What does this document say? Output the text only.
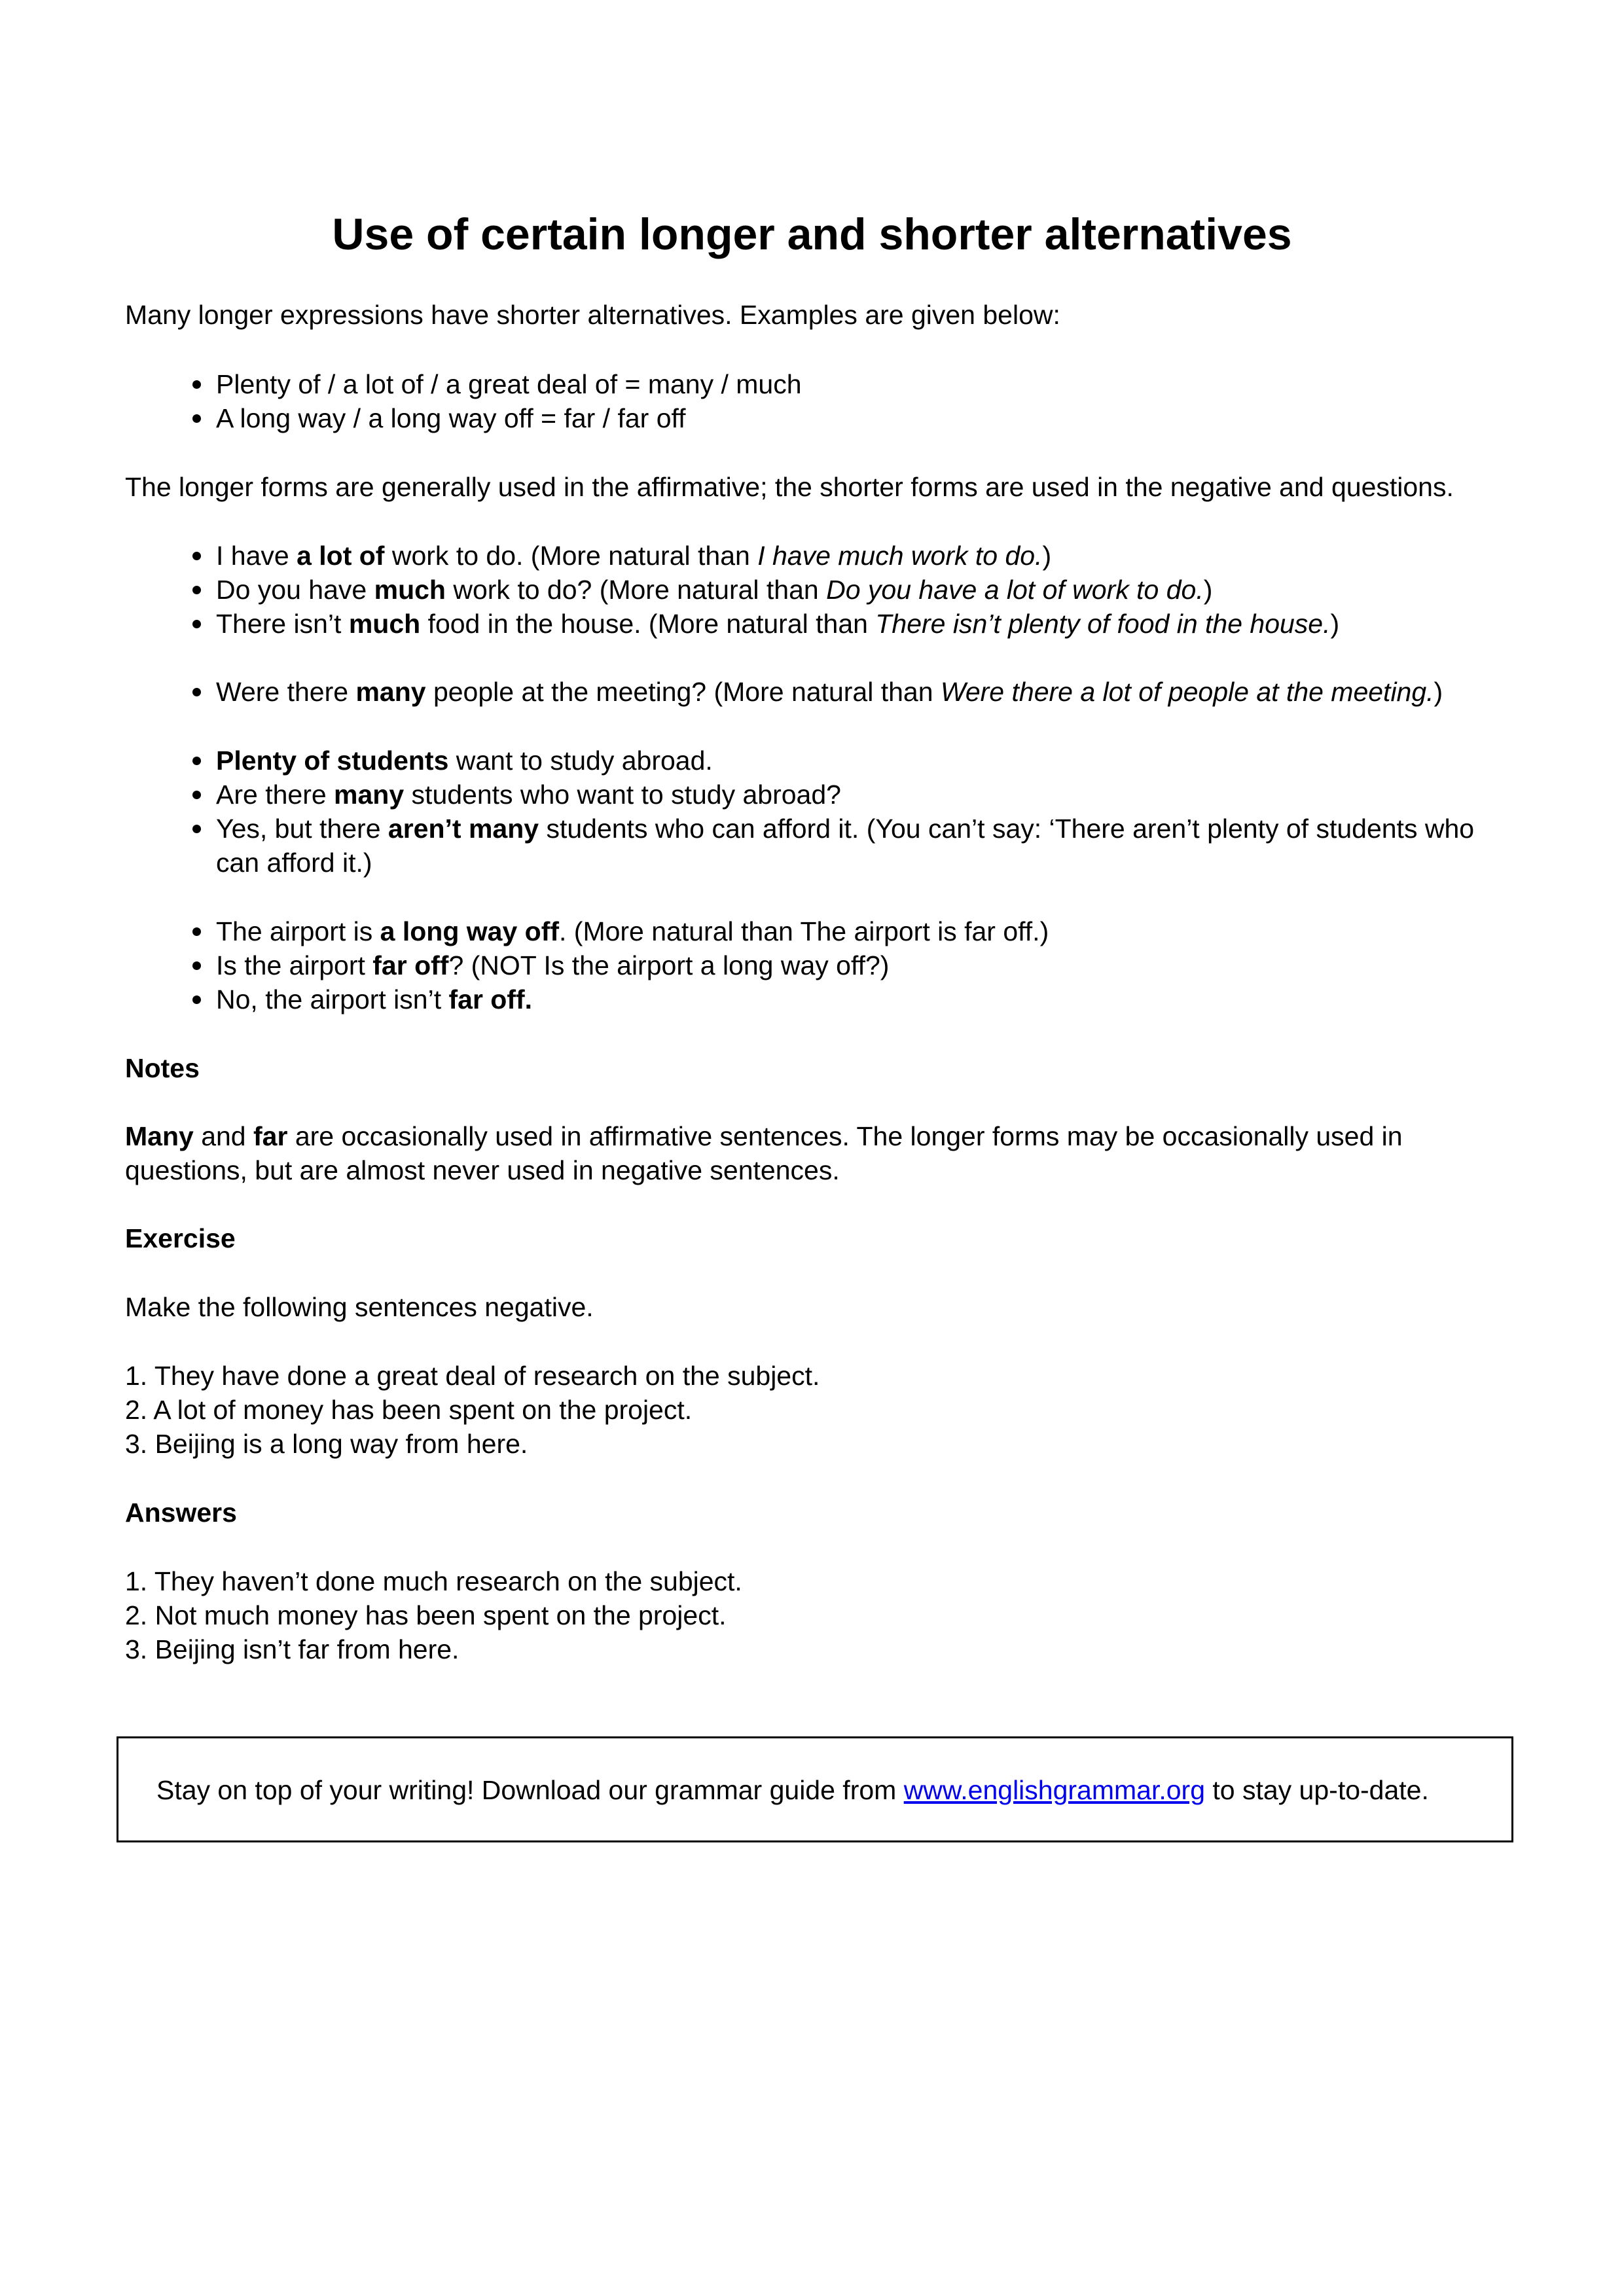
Use of certain longer and shorter alternatives

Many longer expressions have shorter alternatives. Examples are given below:

Plenty of / a lot of / a great deal of = many / much

A long way / a long way off = far / far off

The longer forms are generally used in the affirmative; the shorter forms are used in the negative and questions.

I have a lot of work to do. (More natural than I have much work to do.)

Do you have much work to do? (More natural than Do you have a lot of work to do.)

There isn’t much food in the house. (More natural than There isn’t plenty of food in the house.)

Were there many people at the meeting? (More natural than Were there a lot of people at the meeting.)

Plenty of students want to study abroad.

Are there many students who want to study abroad?

Yes, but there aren’t many students who can afford it. (You can’t say: ‘There aren’t plenty of students who can afford it.)

The airport is a long way off. (More natural than The airport is far off.)

Is the airport far off? (NOT Is the airport a long way off?)

No, the airport isn’t far off.

Notes

Many and far are occasionally used in affirmative sentences. The longer forms may be occasionally used in questions, but are almost never used in negative sentences.

Exercise

Make the following sentences negative.

1. They have done a great deal of research on the subject.

2. A lot of money has been spent on the project.

3. Beijing is a long way from here.

Answers

1. They haven’t done much research on the subject.

2. Not much money has been spent on the project.

3. Beijing isn’t far from here.

Stay on top of your writing! Download our grammar guide from www.englishgrammar.org to stay up-to-date.
